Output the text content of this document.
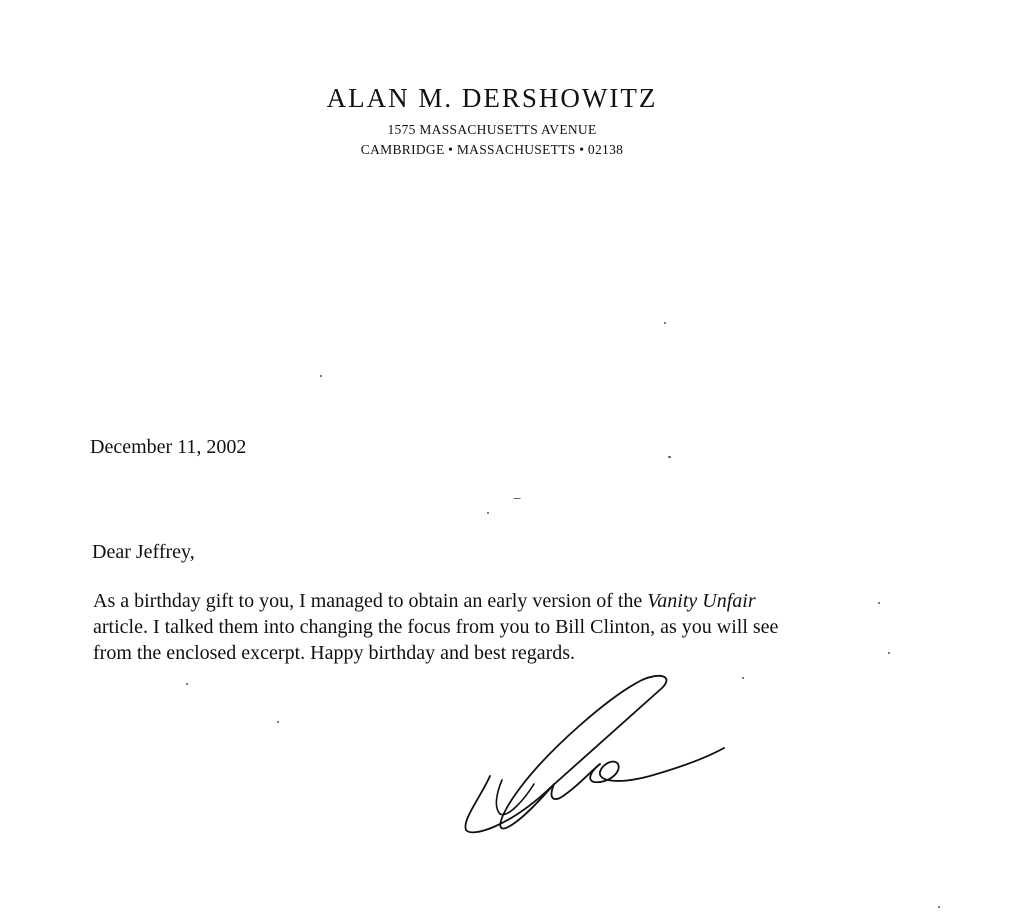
ALAN M. DERSHOWITZ

1575 MASSACHUSETTS AVENUE

CAMBRIDGE • MASSACHUSETTS • 02138

December 11, 2002
Dear Jeffrey,

As a birthday gift to you, I managed to obtain an early version of the Vanity Unfair

article. I talked them into changing the focus from you to Bill Clinton, as you will see

from the enclosed excerpt. Happy birthday and best regards.
